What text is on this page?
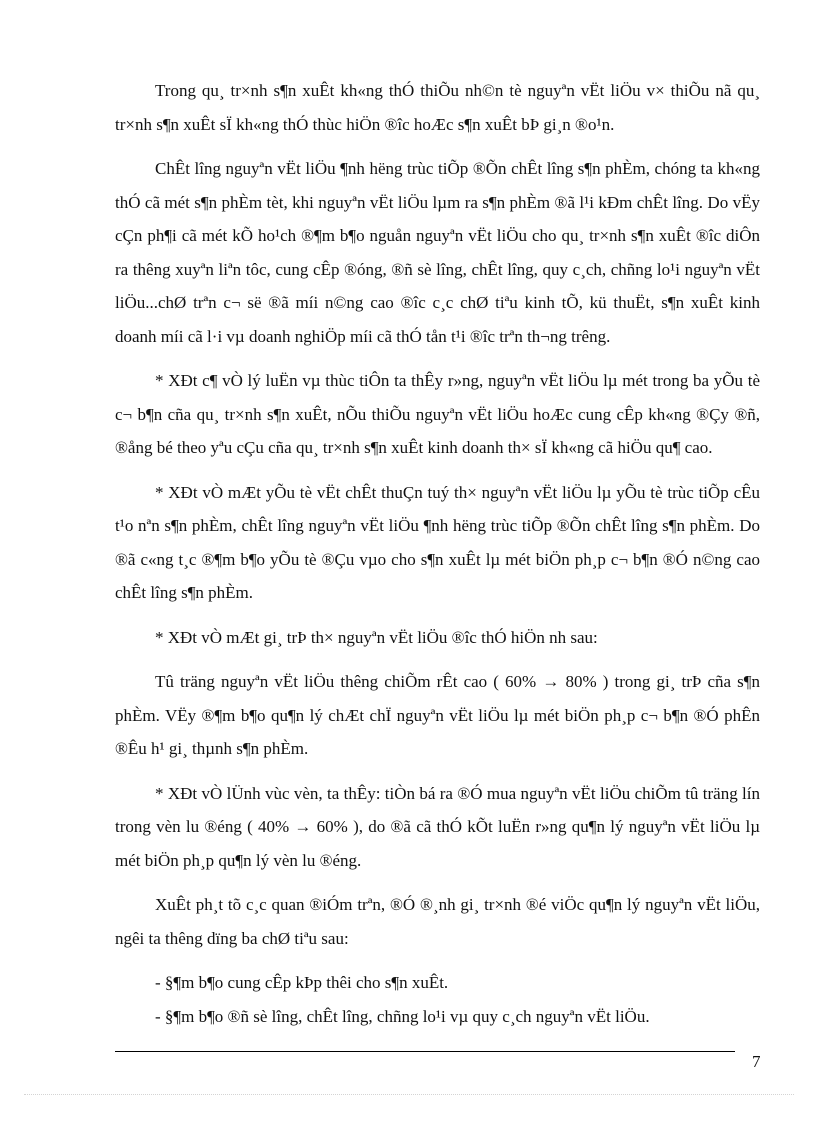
Trong qu¸ tr×nh s¶n xuÊt kh«ng thÓ thiÕu nh©n tè nguyªn vËt liÖu v× thiÕu nã qu¸ tr×nh s¶n xuÊt sÏ kh«ng thÓ thùc hiÖn ®îc hoÆc s¶n xuÊt bÞ gi¸n ®o¹n.

ChÊt lîng nguyªn vËt liÖu ¶nh hëng trùc tiÕp ®Õn chÊt lîng s¶n phÈm, chóng ta kh«ng thÓ cã mét s¶n phÈm tèt, khi nguyªn vËt liÖu lµm ra s¶n phÈm ®ã l¹i kÐm chÊt lîng. Do vËy cÇn ph¶i cã mét kÕ ho¹ch ®¶m b¶o nguån nguyªn vËt liÖu cho qu¸ tr×nh s¶n xuÊt ®îc diÔn ra thêng xuyªn liªn tôc, cung cÊp ®óng, ®ñ sè lîng, chÊt lîng, quy c¸ch, chñng lo¹i nguyªn vËt liÖu...chØ trªn c¬ së ®ã míi n©ng cao ®îc c¸c chØ tiªu kinh tÕ, kü thuËt, s¶n xuÊt kinh doanh míi cã l·i vµ doanh nghiÖp míi cã thÓ tån t¹i ®îc trªn th¬ng trêng.

* XÐt c¶ vÒ lý luËn vµ thùc tiÔn ta thÊy r»ng, nguyªn vËt liÖu lµ mét trong ba yÕu tè c¬ b¶n cña qu¸ tr×nh s¶n xuÊt, nÕu thiÕu nguyªn vËt liÖu hoÆc cung cÊp kh«ng ®Çy ®ñ, ®ång bé theo yªu cÇu cña qu¸ tr×nh s¶n xuÊt kinh doanh th× sÏ kh«ng cã hiÖu qu¶ cao.

* XÐt vÒ mÆt yÕu tè vËt chÊt thuÇn tuý th× nguyªn vËt liÖu lµ yÕu tè trùc tiÕp cÊu t¹o nªn s¶n phÈm, chÊt lîng nguyªn vËt liÖu ¶nh hëng trùc tiÕp ®Õn chÊt lîng s¶n phÈm. Do ®ã c«ng t¸c ®¶m b¶o yÕu tè ®Çu vµo cho s¶n xuÊt lµ mét biÖn ph¸p c¬ b¶n ®Ó n©ng cao chÊt lîng s¶n phÈm.

* XÐt vÒ mÆt gi¸ trÞ th× nguyªn vËt liÖu ®îc thÓ hiÖn nh sau:

Tû träng nguyªn vËt liÖu thêng chiÕm rÊt cao ( 60% → 80% ) trong gi¸ trÞ cña s¶n phÈm. VËy ®¶m b¶o qu¶n lý chÆt chÏ nguyªn vËt liÖu lµ mét biÖn ph¸p c¬ b¶n ®Ó phÊn ®Êu h¹ gi¸ thµnh s¶n phÈm.

* XÐt vÒ lÜnh vùc vèn, ta thÊy: tiÒn bá ra ®Ó mua nguyªn vËt liÖu chiÕm tû träng lín trong vèn lu ®éng ( 40% → 60% ), do ®ã cã thÓ kÕt luËn r»ng qu¶n lý nguyªn vËt liÖu lµ mét biÖn ph¸p qu¶n lý vèn lu ®éng.

XuÊt ph¸t tõ c¸c quan ®iÓm trªn, ®Ó ®¸nh gi¸ tr×nh ®é viÖc qu¶n lý nguyªn vËt liÖu, ngêi ta thêng dïng ba chØ tiªu sau:

- §¶m b¶o cung cÊp kÞp thêi cho s¶n xuÊt.

- §¶m b¶o ®ñ sè lîng, chÊt lîng, chñng lo¹i vµ quy c¸ch nguyªn vËt liÖu.

7
